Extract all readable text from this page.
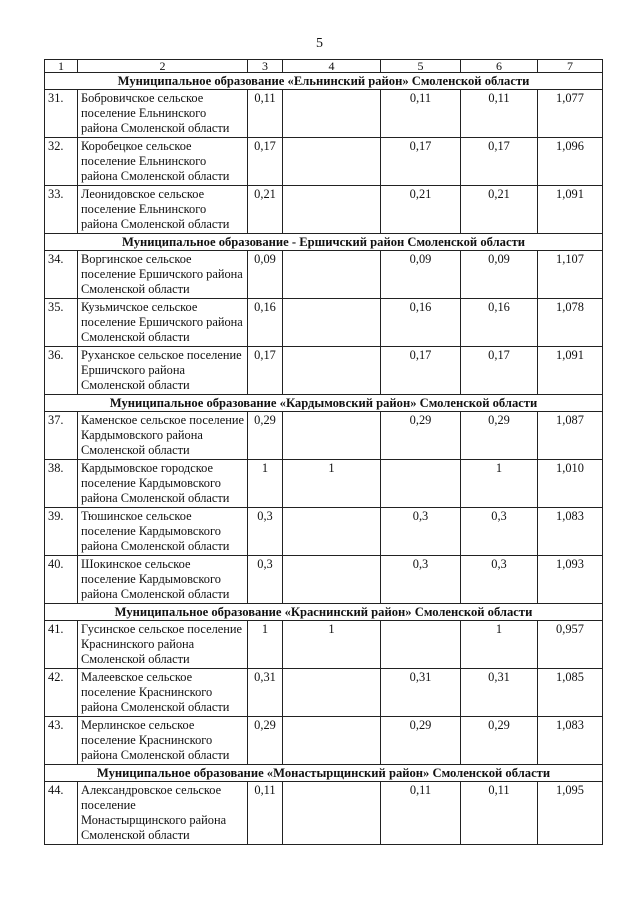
5
1	2	3	4	5	6	7
Муниципальное образование «Ельнинский район» Смоленской области						
31.	Бобровичское сельское поселение Ельнинского района Смоленской области	0,11		0,11	0,11	1,077
32.	Коробецкое сельское поселение Ельнинского района Смоленской области	0,17		0,17	0,17	1,096
33.	Леонидовское сельское поселение Ельнинского района Смоленской области	0,21		0,21	0,21	1,091
Муниципальное образование - Ершичский район Смоленской области						
34.	Воргинское сельское поселение Ершичского района Смоленской области	0,09		0,09	0,09	1,107
35.	Кузьмичское сельское поселение Ершичского района Смоленской области	0,16		0,16	0,16	1,078
36.	Руханское сельское поселение Ершичского района Смоленской области	0,17		0,17	0,17	1,091
Муниципальное образование «Кардымовский район» Смоленской области						
37.	Каменское сельское поселение Кардымовского района Смоленской области	0,29		0,29	0,29	1,087
38.	Кардымовское городское поселение Кардымовского района Смоленской области	1	1		1	1,010
39.	Тюшинское сельское поселение Кардымовского района Смоленской области	0,3		0,3	0,3	1,083
40.	Шокинское сельское поселение Кардымовского района Смоленской области	0,3		0,3	0,3	1,093
Муниципальное образование «Краснинский район» Смоленской области						
41.	Гусинское сельское поселение Краснинского района Смоленской области	1	1		1	0,957
42.	Малеевское сельское поселение Краснинского района Смоленской области	0,31		0,31	0,31	1,085
43.	Мерлинское сельское поселение Краснинского района Смоленской области	0,29		0,29	0,29	1,083
Муниципальное образование «Монастырщинский район» Смоленской области						
44.	Александровское сельское поселение Монастырщинского района Смоленской области	0,11		0,11	0,11	1,095
